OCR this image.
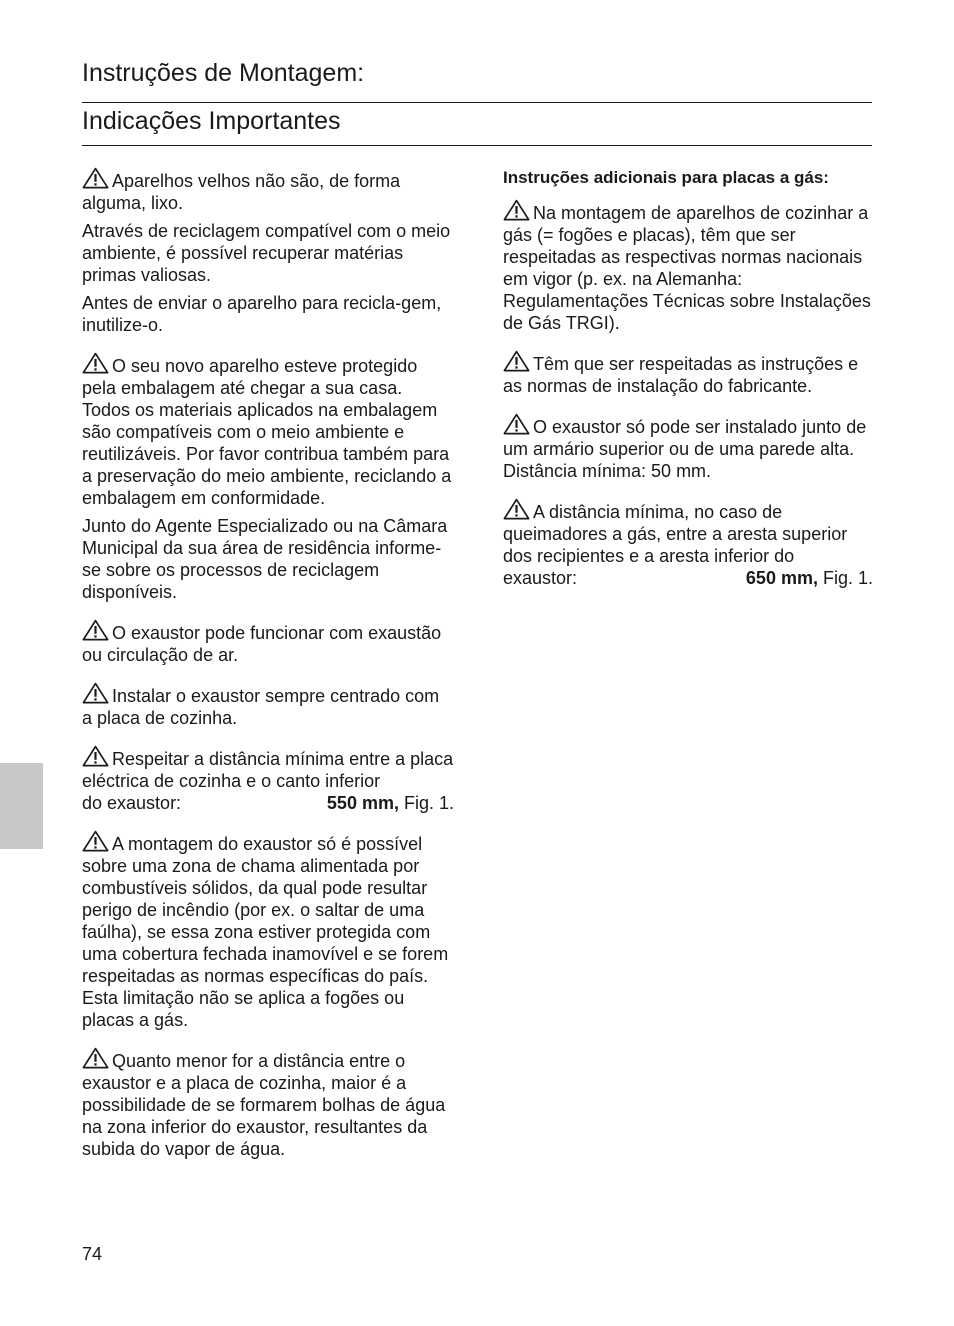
Instruções de Montagem:
Indicações Importantes

Aparelhos velhos não são, de forma alguma, lixo.

Através de reciclagem compatível com o meio ambiente, é possível recuperar matérias primas valiosas.

Antes de enviar o aparelho para recicla-gem, inutilize-o.

O seu novo aparelho esteve protegido pela embalagem até chegar a sua casa. Todos os materiais aplicados na embalagem são compatíveis com o meio ambiente e reutilizáveis. Por favor contribua também para a preservação do meio ambiente, reciclando a embalagem em conformidade.

Junto do Agente Especializado ou na Câmara Municipal da sua área de residência informe-se sobre os processos de reciclagem disponíveis.

O exaustor pode funcionar com exaustão ou circulação de ar.

Instalar o exaustor sempre centrado com a placa de cozinha.

Respeitar a distância mínima entre a placa eléctrica de cozinha e o canto inferior

do exaustor:	550 mm, Fig. 1.

A montagem do exaustor só é possível sobre uma zona de chama alimentada por combustíveis sólidos, da qual pode resultar perigo de incêndio (por ex. o saltar de uma faúlha), se essa zona estiver protegida com uma cobertura fechada inamovível e se forem respeitadas as normas específicas do país. Esta limitação não se aplica a fogões ou placas a gás.

Quanto menor for a distância entre o exaustor e a placa de cozinha, maior é a possibilidade de se formarem bolhas de água na zona inferior do exaustor, resultantes da subida do vapor de água.

Instruções adicionais para placas a gás:

Na montagem de aparelhos de cozinhar a gás (= fogões e placas), têm que ser respeitadas as respectivas normas nacionais em vigor (p. ex. na Alemanha: Regulamentações Técnicas sobre Instalações de Gás TRGI).

Têm que ser respeitadas as instruções e as normas de instalação do fabricante.

O exaustor só pode ser instalado junto de um armário superior ou de uma parede alta. Distância mínima: 50 mm.

A distância mínima, no caso de queimadores a gás, entre a aresta superior dos recipientes e a aresta inferior do

exaustor:	650 mm, Fig. 1.
74
